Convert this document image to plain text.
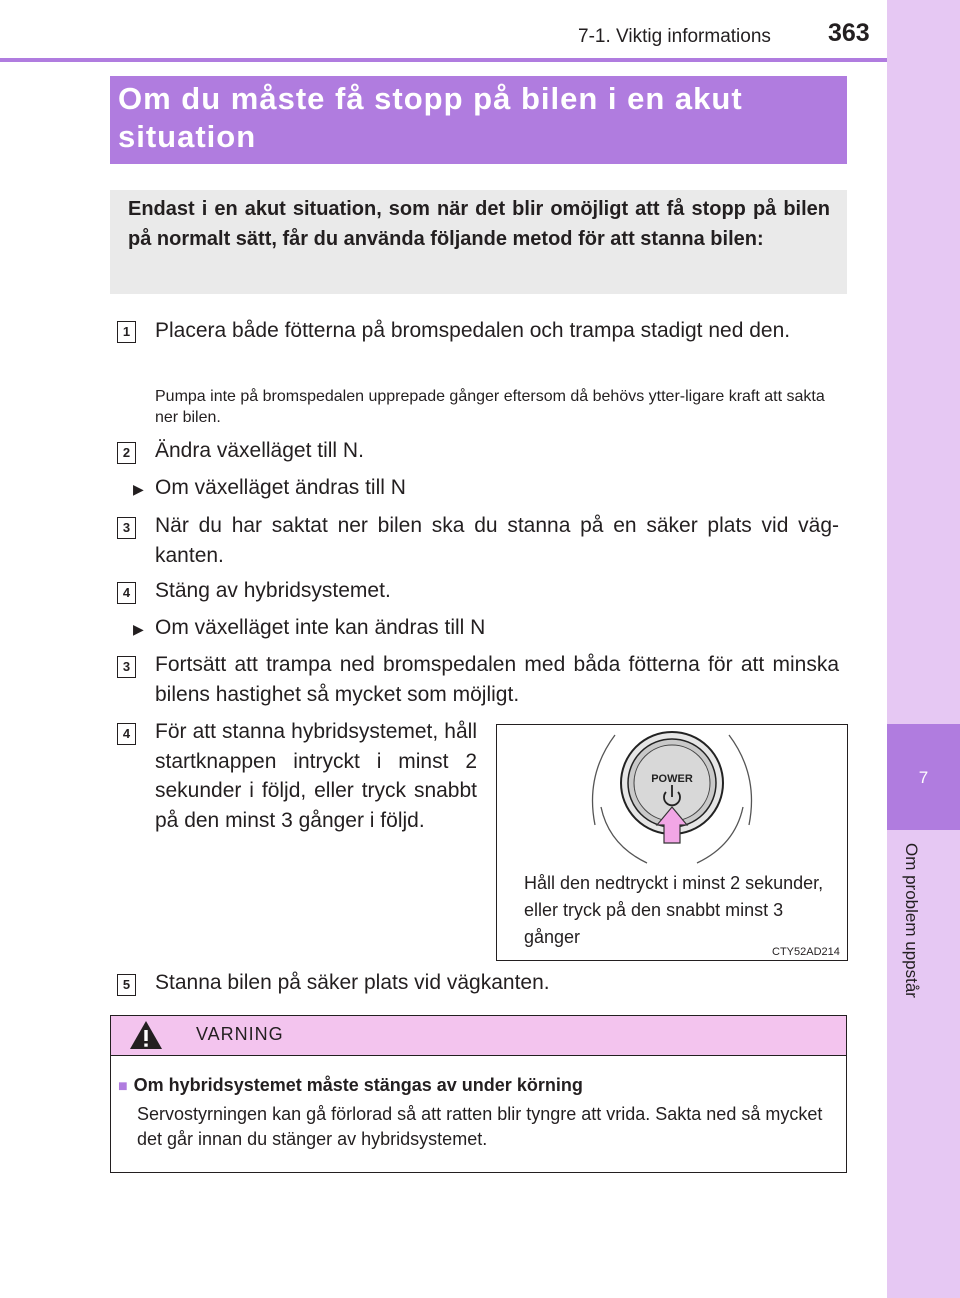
7-1. Viktig informations 363
7
Om problem uppstår
Om du måste få stopp på bilen i en akut situation
Endast i en akut situation, som när det blir omöjligt att få stopp på bilen på normalt sätt, får du använda följande metod för att stanna bilen:
1 Placera både fötterna på bromspedalen och trampa stadigt ned den.
Pumpa inte på bromspedalen upprepade gånger eftersom då behövs ytter-ligare kraft att sakta ner bilen.
2 Ändra växelläget till N.
▶ Om växelläget ändras till N
3 När du har saktat ner bilen ska du stanna på en säker plats vid väg-kanten.
4 Stäng av hybridsystemet.
▶ Om växelläget inte kan ändras till N
3 Fortsätt att trampa ned bromspedalen med båda fötterna för att minska bilens hastighet så mycket som möjligt.
4 För att stanna hybridsystemet, håll startknappen intryckt i minst 2 sekunder i följd, eller tryck snabbt på den minst 3 gånger i följd.
POWER
Håll den nedtryckt i minst 2 sekunder, eller tryck på den snabbt minst 3 gånger
CTY52AD214
5 Stanna bilen på säker plats vid vägkanten.
VARNING
■ Om hybridsystemet måste stängas av under körning
Servostyrningen kan gå förlorad så att ratten blir tyngre att vrida. Sakta ned så mycket det går innan du stänger av hybridsystemet.
